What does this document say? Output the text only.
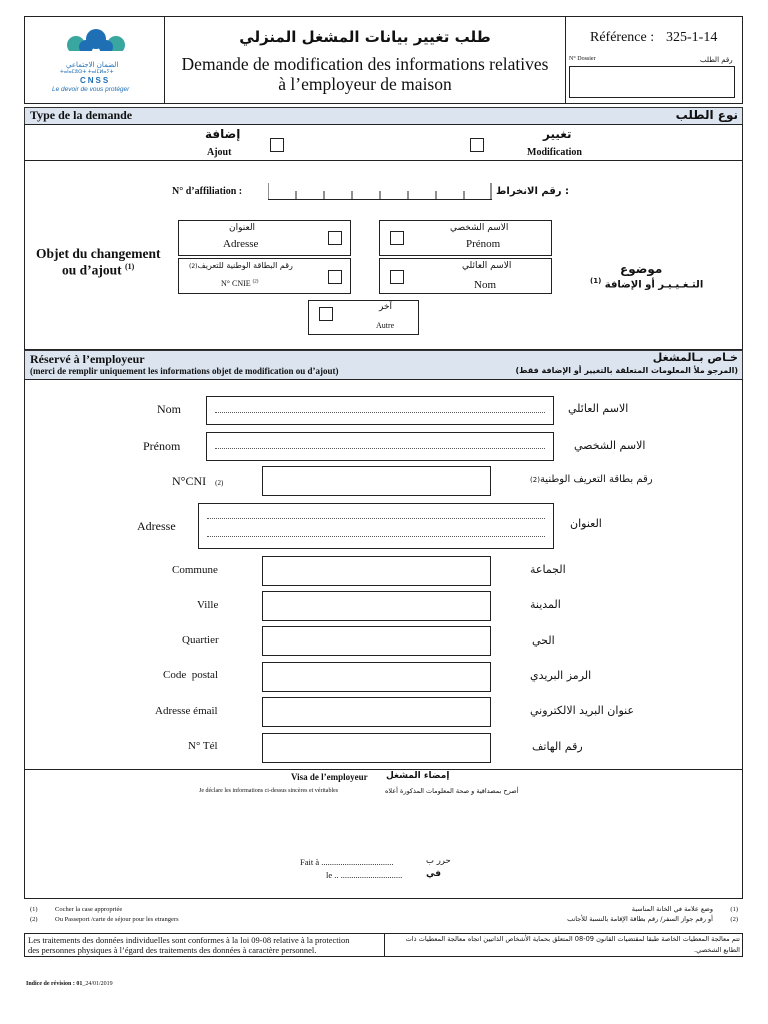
الضمان الاجتماعي
ⵜⴰⵏⴰⵎⵓⵙⵜ ⵜⴰⵏⵎⵍⴰⵢⵜ
CNSS
Le devoir de vous protéger
طلب تغيير بيانات المشغل المنزلي
Demande de modification des informations relatives
à l’employeur de maison
Référence : 325-1-14
N° Dossier	رقم الطلب
Type de la demande	نوع الطلب
إضافة
Ajout
تغيير
Modification
N° d’affiliation :	: رقم الانخراط
Objet du changement
ou d’ajout $^{(1)}$	موضوع
التـغـيـيـر أو الإضافة $^{(1)}$
العنوان
Adresse
الاسم الشخصي
Prénom
رقم البطاقة الوطنية للتعريف(2)
N° CNIE $^{(2)}$
الاسم العائلي
Nom
آخر
Autre
Réservé à l’employeur
(merci de remplir uniquement les informations objet de modification ou d’ajout)
خـاص بـالمشغل
(المرجو ملأ المعلومات المتعلقة بالتغيير أو الإضافة فقط)
Nom	الاسم العائلي
Prénom	الاسم الشخصي
N°CNI (2)	رقم بطاقة التعريف الوطنية(2)
Adresse	العنوان
Commune	الجماعة
Ville	المدينة
Quartier	الحي
Code  postal	الرمز البريدي
Adresse émail	عنوان البريد الالكتروني
N° Tél	رقم الهاتف
Visa de l’employeur إمضاء المشغل
Je déclare les informations ci-dessus sincères et véritables	أصرح بمصداقية و صحة المعلومات المذكورة أعلاه
Fait à ..................................	حرر ب
le .. .............................	في
(1)	Cocher la case appropriée
(2)	Ou Passeport /carte de séjour pour les etrangers
وضع علامة في الخانة المناسبة	(1)
أو رقم جواز السفر/ رقم بطاقة الإقامة بالنسبة للأجانب	(2)
Les traitements des données individuelles sont conformes à la loi 09-08 relative à la protection
des personnes physiques à l’égard des traitements des données à caractère personnel.
تتم معالجة المعطيات الخاصة طبقا لمقتضيات القانون 09-08 المتعلق بحماية الأشخاص الذاتيين اتجاه معالجة المعطيات ذات
الطابع الشخصي.
Indice de révision : 01_24/01/2019
